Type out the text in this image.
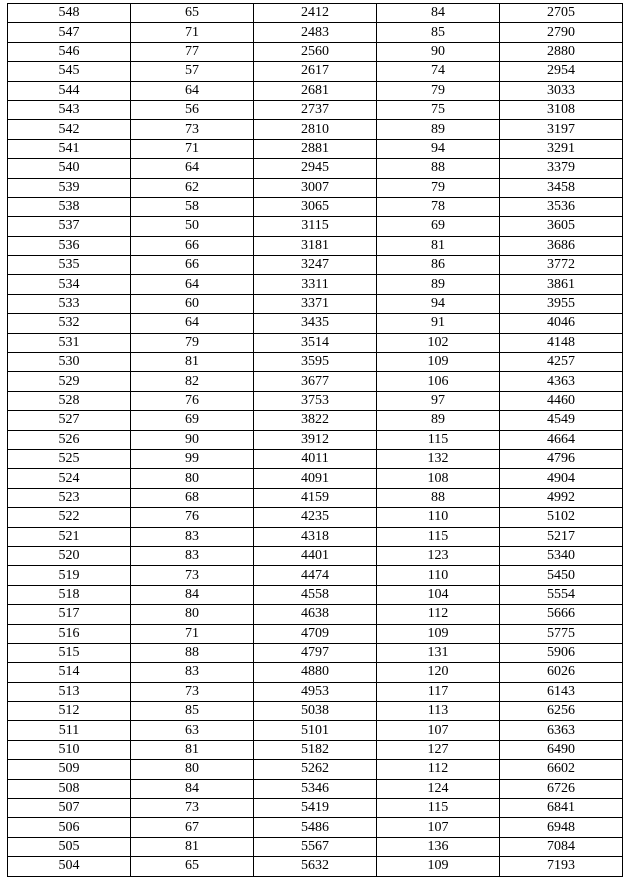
548	65	2412	84	2705
547	71	2483	85	2790
546	77	2560	90	2880
545	57	2617	74	2954
544	64	2681	79	3033
543	56	2737	75	3108
542	73	2810	89	3197
541	71	2881	94	3291
540	64	2945	88	3379
539	62	3007	79	3458
538	58	3065	78	3536
537	50	3115	69	3605
536	66	3181	81	3686
535	66	3247	86	3772
534	64	3311	89	3861
533	60	3371	94	3955
532	64	3435	91	4046
531	79	3514	102	4148
530	81	3595	109	4257
529	82	3677	106	4363
528	76	3753	97	4460
527	69	3822	89	4549
526	90	3912	115	4664
525	99	4011	132	4796
524	80	4091	108	4904
523	68	4159	88	4992
522	76	4235	110	5102
521	83	4318	115	5217
520	83	4401	123	5340
519	73	4474	110	5450
518	84	4558	104	5554
517	80	4638	112	5666
516	71	4709	109	5775
515	88	4797	131	5906
514	83	4880	120	6026
513	73	4953	117	6143
512	85	5038	113	6256
511	63	5101	107	6363
510	81	5182	127	6490
509	80	5262	112	6602
508	84	5346	124	6726
507	73	5419	115	6841
506	67	5486	107	6948
505	81	5567	136	7084
504	65	5632	109	7193
